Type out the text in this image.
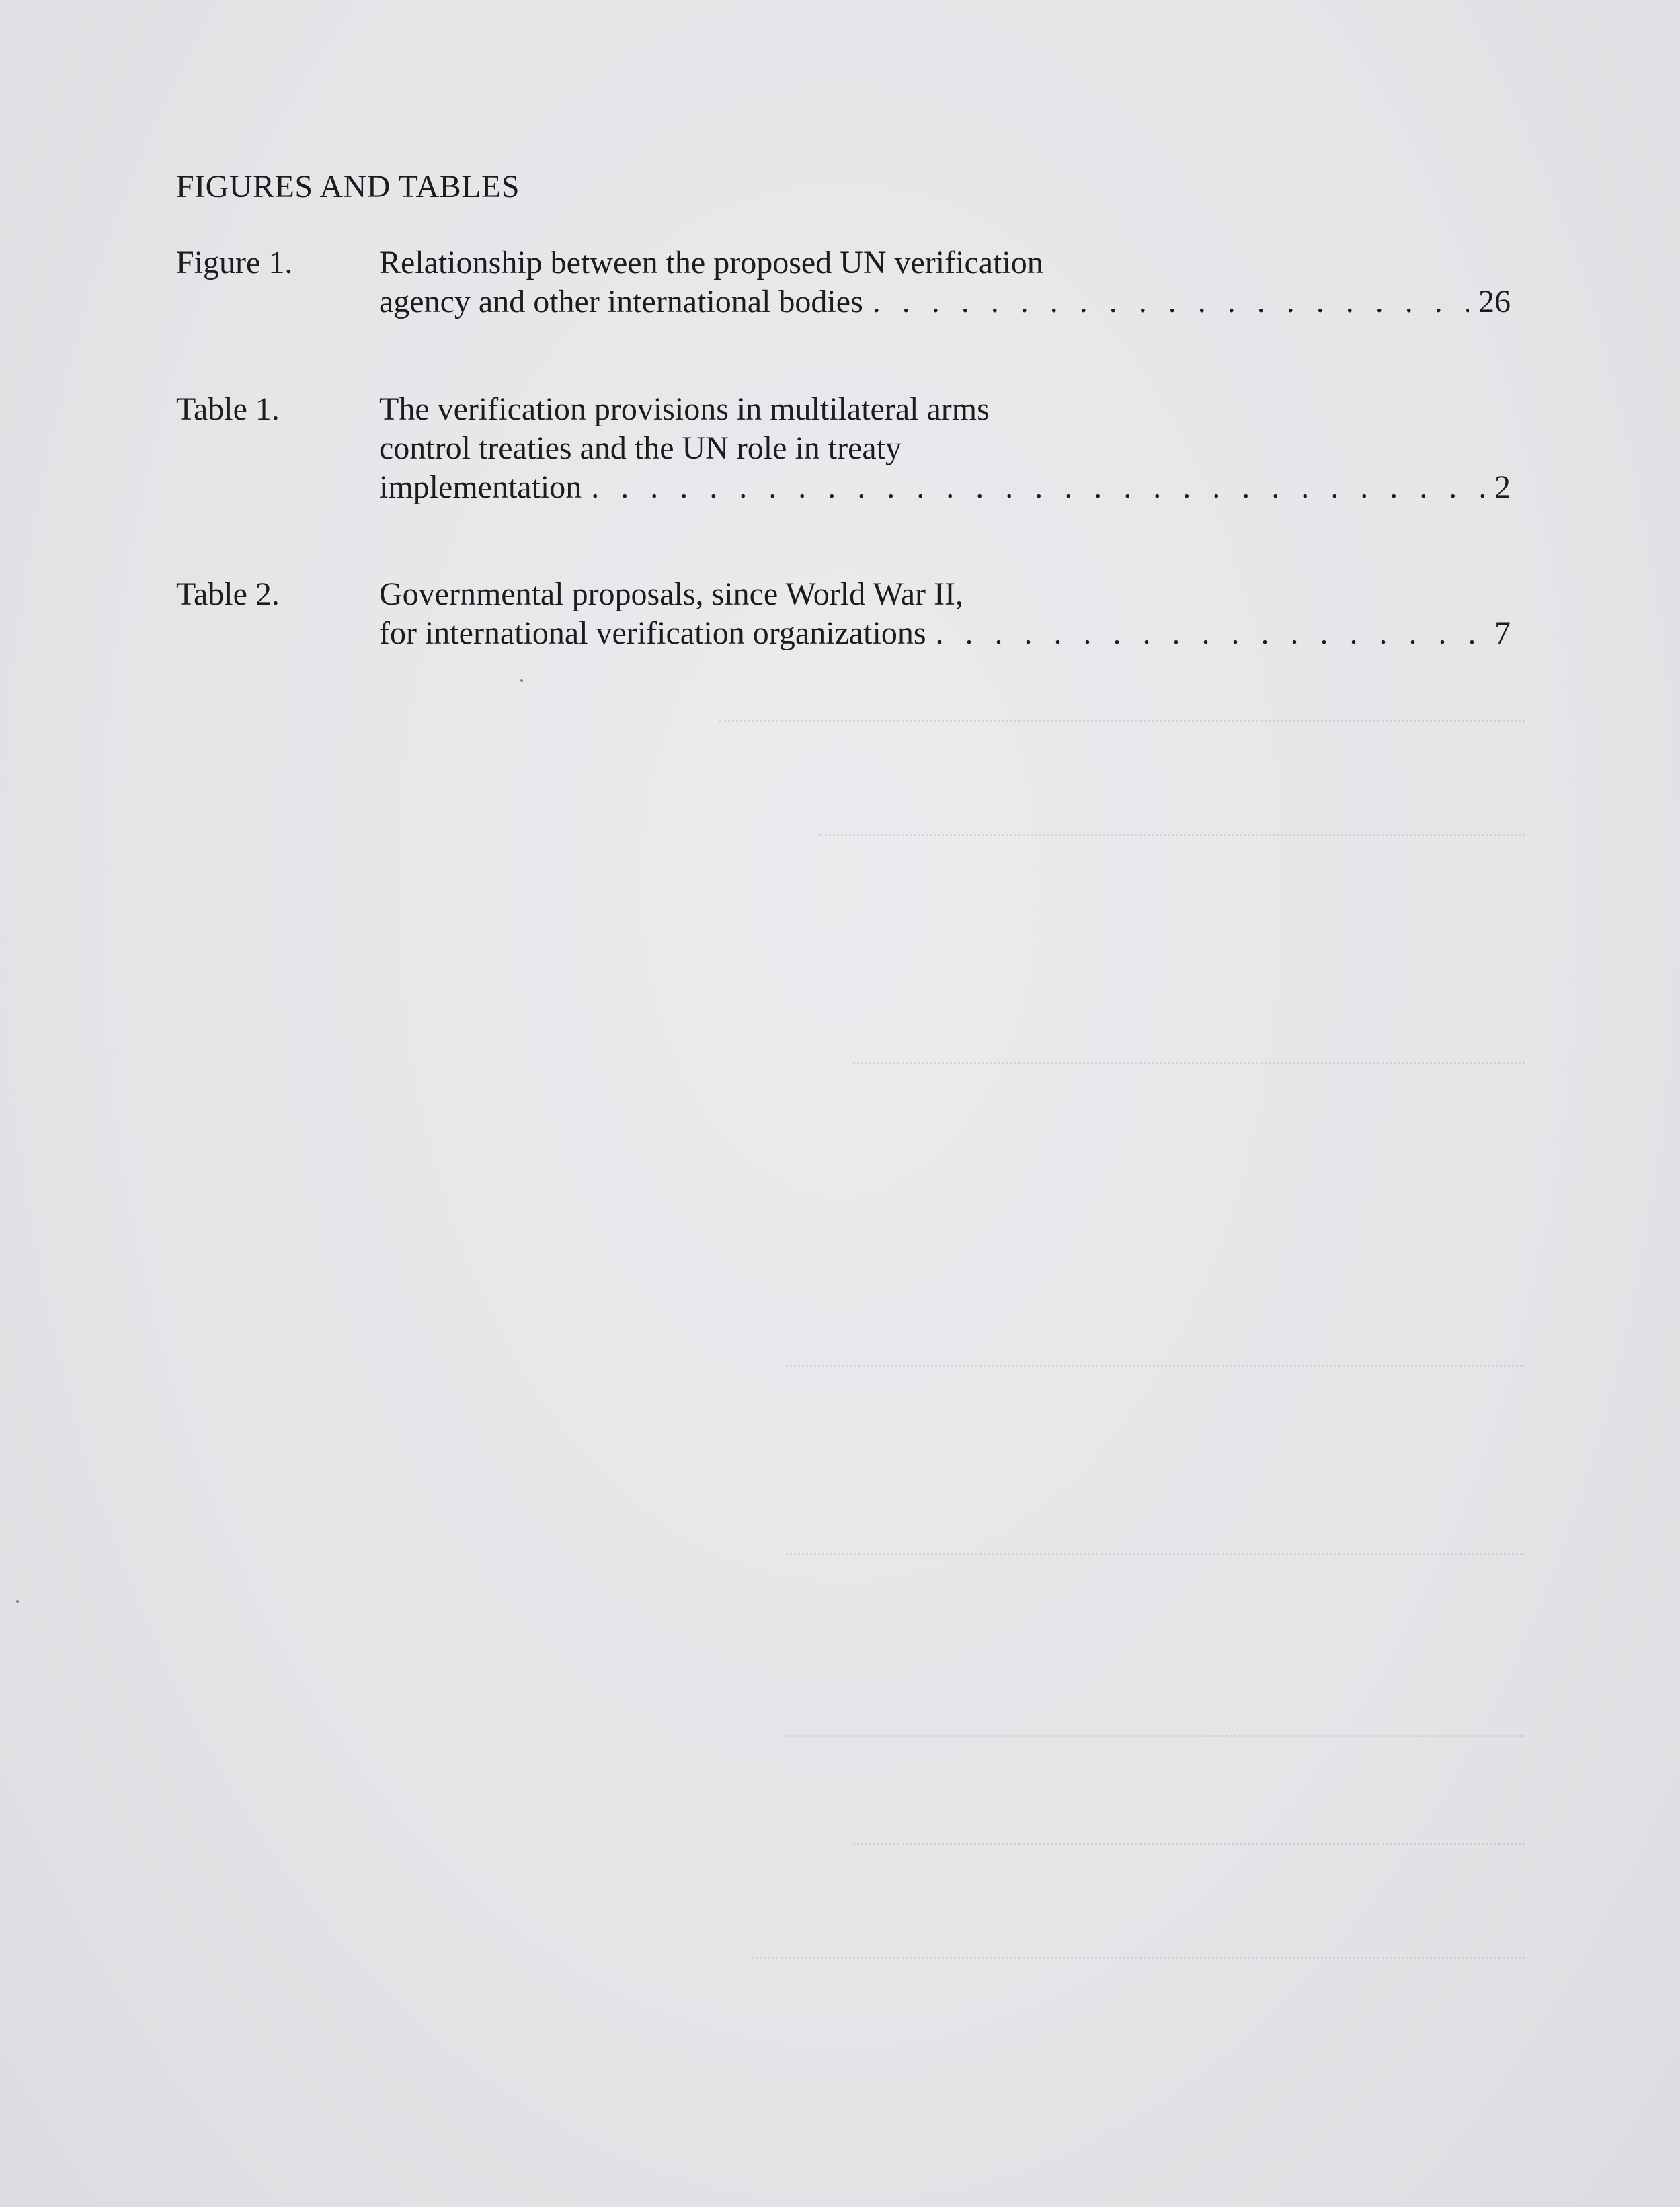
FIGURES AND TABLES
Figure 1.	Relationship between the proposed UN verification
agency and other international bodies . . .	26
Table 1.	The verification provisions in multilateral arms
control treaties and the UN role in treaty
implementation . . .	2
Table 2.	Governmental proposals, since World War II,
for international verification organizations . . .	7
